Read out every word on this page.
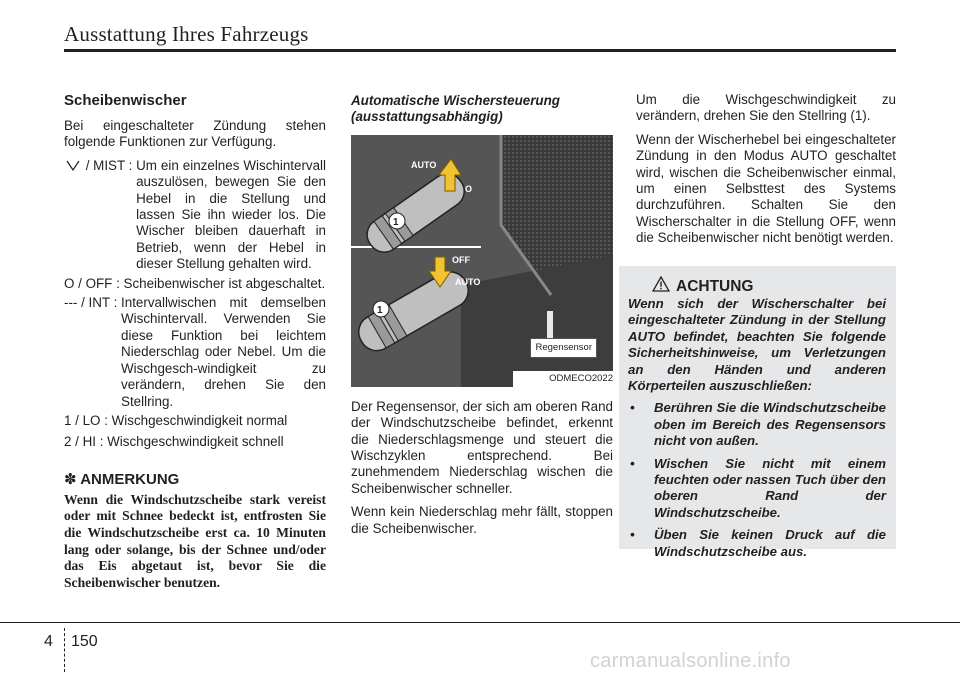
Ausstattung Ihres Fahrzeugs
Scheibenwischer

Bei eingeschalteter Zündung stehen folgende Funktionen zur Verfügung.

/ MIST : Um ein einzelnes Wischintervall auszulösen, bewegen Sie den Hebel in die Stellung und lassen Sie ihn wieder los. Die Wischer bleiben dauerhaft in Betrieb, wenn der Hebel in dieser Stellung gehalten wird.
O / OFF : Scheibenwischer ist abgeschaltet.
--- / INT : Intervallwischen mit demselben Wischintervall. Verwenden Sie diese Funktion bei leichtem Niederschlag oder Nebel. Um die Wischgesch-windigkeit zu verändern, drehen Sie den Stellring.
1 / LO : Wischgeschwindigkeit normal
2 / HI : Wischgeschwindigkeit schnell
✽ ANMERKUNG
Wenn die Windschutzscheibe stark vereist oder mit Schnee bedeckt ist, entfrosten Sie die Windschutzscheibe erst ca. 10 Minuten lang oder solange, bis der Schnee und/oder das Eis abgetaut ist, bevor Sie die Scheibenwischer benutzen.

Automatische Wischersteuerung (ausstattungsabhängig)

AUTO
O
OFF
AUTO
1
1
Regensensor
ODMECO2022

Der Regensensor, der sich am oberen Rand der Windschutzscheibe befindet, erkennt die Niederschlagsmenge und steuert die Wischzyklen entsprechend. Bei zunehmendem Niederschlag wischen die Scheibenwischer schneller.

Wenn kein Niederschlag mehr fällt, stoppen die Scheibenwischer.

Um die Wischgeschwindigkeit zu verändern, drehen Sie den Stellring (1).

Wenn der Wischerhebel bei eingeschalteter Zündung in den Modus AUTO geschaltet wird, wischen die Scheibenwischer einmal, um einen Selbsttest des Systems durchzuführen. Schalten Sie den Wischerschalter in die Stellung OFF, wenn die Scheibenwischer nicht benötigt werden.

ACHTUNG

Wenn sich der Wischerschalter bei eingeschalteter Zündung in der Stellung AUTO befindet, beachten Sie folgende Sicherheitshinweise, um Verletzungen an den Händen und anderen Körperteilen auszuschließen:

• Berühren Sie die Windschutzscheibe oben im Bereich des Regensensors nicht von außen.
• Wischen Sie nicht mit einem feuchten oder nassen Tuch über den oberen Rand der Windschutzscheibe.
• Üben Sie keinen Druck auf die Windschutzscheibe aus.
4 150
carmanualsonline.info
